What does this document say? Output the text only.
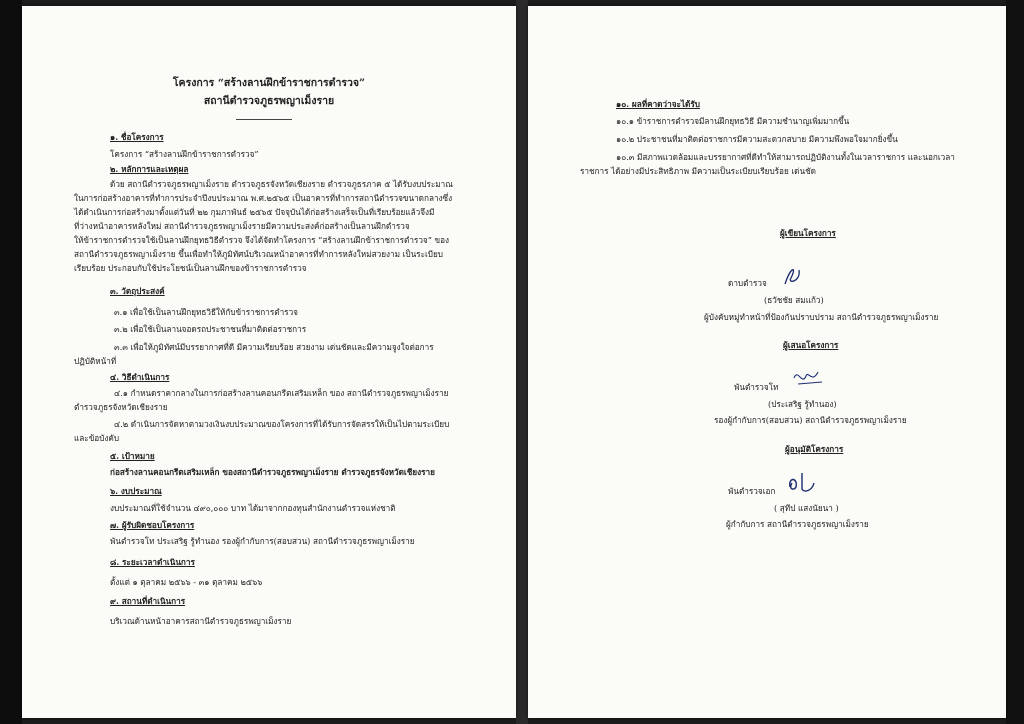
โครงการ “สร้างลานฝึกข้าราชการตำรวจ”
สถานีตำรวจภูธรพญาเม็งราย
๑. ชื่อโครงการ
โครงการ “สร้างลานฝึกข้าราชการตำรวจ”
๒. หลักการและเหตุผล
ด้วย สถานีตำรวจภูธรพญาเม็งราย ตำรวจภูธรจังหวัดเชียงราย ตำรวจภูธรภาค ๕ ได้รับงบประมาณ
ในการก่อสร้างอาคารที่ทำการประจำปีงบประมาณ พ.ศ.๒๕๖๕ เป็นอาคารที่ทำการสถานีตำรวจขนาดกลางซึ่ง
ได้ดำเนินการก่อสร้างมาตั้งแต่วันที่ ๒๒ กุมภาพันธ์ ๒๕๖๕ ปัจจุบันได้ก่อสร้างเสร็จเป็นที่เรียบร้อยแล้วจึงมี
ที่ว่างหน้าอาคารหลังใหม่ สถานีตำรวจภูธรพญาเม็งรายมีความประสงค์ก่อสร้างเป็นลานฝึกตำรวจ
ให้ข้าราชการตำรวจใช้เป็นลานฝึกยุทธวิธีตำรวจ จึงได้จัดทำโครงการ “สร้างลานฝึกข้าราชการตำรวจ” ของ
สถานีตำรวจภูธรพญาเม็งราย ขึ้นเพื่อทำให้ภูมิทัศน์บริเวณหน้าอาคารที่ทำการหลังใหม่สวยงาม เป็นระเบียบ
เรียบร้อย ประกอบกับใช้ประโยชน์เป็นลานฝึกของข้าราชการตำรวจ
๓. วัตถุประสงค์
๓.๑ เพื่อใช้เป็นลานฝึกยุทธวิธีให้กับข้าราชการตำรวจ
๓.๒ เพื่อใช้เป็นลานจอดรถประชาชนที่มาติดต่อราชการ
๓.๓ เพื่อให้ภูมิทัศน์มีบรรยากาศที่ดี มีความเรียบร้อย สวยงาม เด่นชัดและมีความจูงใจต่อการ
ปฏิบัติหน้าที่
๔. วิธีดำเนินการ
๔.๑ กำหนดราคากลางในการก่อสร้างลานคอนกรีตเสริมเหล็ก ของ สถานีตำรวจภูธรพญาเม็งราย
ตำรวจภูธรจังหวัดเชียงราย
๔.๒ ดำเนินการจัดหาตามวงเงินงบประมาณของโครงการที่ได้รับการจัดสรรให้เป็นไปตามระเบียบ
และข้อบังคับ
๕. เป้าหมาย
ก่อสร้างลานคอนกรีตเสริมเหล็ก ของสถานีตำรวจภูธรพญาเม็งราย ตำรวจภูธรจังหวัดเชียงราย
๖. งบประมาณ
งบประมาณที่ใช้จำนวน ๔๙๐,๐๐๐ บาท ได้มาจากกองทุนสำนักงานตำรวจแห่งชาติ
๗. ผู้รับผิดชอบโครงการ
พันตำรวจโท ประเสริฐ รู้ทำนอง รองผู้กำกับการ(สอบสวน) สถานีตำรวจภูธรพญาเม็งราย
๘. ระยะเวลาดำเนินการ
ตั้งแต่ ๑ ตุลาคม ๒๕๖๖ - ๓๑ ตุลาคม ๒๕๖๖
๙. สถานที่ดำเนินการ
บริเวณด้านหน้าอาคารสถานีตำรวจภูธรพญาเม็งราย
๑๐. ผลที่คาดว่าจะได้รับ
๑๐.๑ ข้าราชการตำรวจมีลานฝึกยุทธวิธี มีความชำนาญเพิ่มมากขึ้น
๑๐.๒ ประชาชนที่มาติดต่อราชการมีความสะดวกสบาย มีความพึงพอใจมากยิ่งขึ้น
๑๐.๓ มีสภาพแวดล้อมและบรรยากาศที่ดีทำให้สามารถปฏิบัติงานทั้งในเวลาราชการ และนอกเวลา
ราชการ ได้อย่างมีประสิทธิภาพ มีความเป็นระเบียบเรียบร้อย เด่นชัด
ผู้เขียนโครงการ
ดาบตำรวจ
(ธวัชชัย สมแก้ว)
ผู้บังคับหมู่ทำหน้าที่ป้องกันปราบปราม สถานีตำรวจภูธรพญาเม็งราย
ผู้เสนอโครงการ
พันตำรวจโท
(ประเสริฐ รู้ทำนอง)
รองผู้กำกับการ(สอบสวน) สถานีตำรวจภูธรพญาเม็งราย
ผู้อนุมัติโครงการ
พันตำรวจเอก
( สุทีป แสงนัยนา )
ผู้กำกับการ สถานีตำรวจภูธรพญาเม็งราย
